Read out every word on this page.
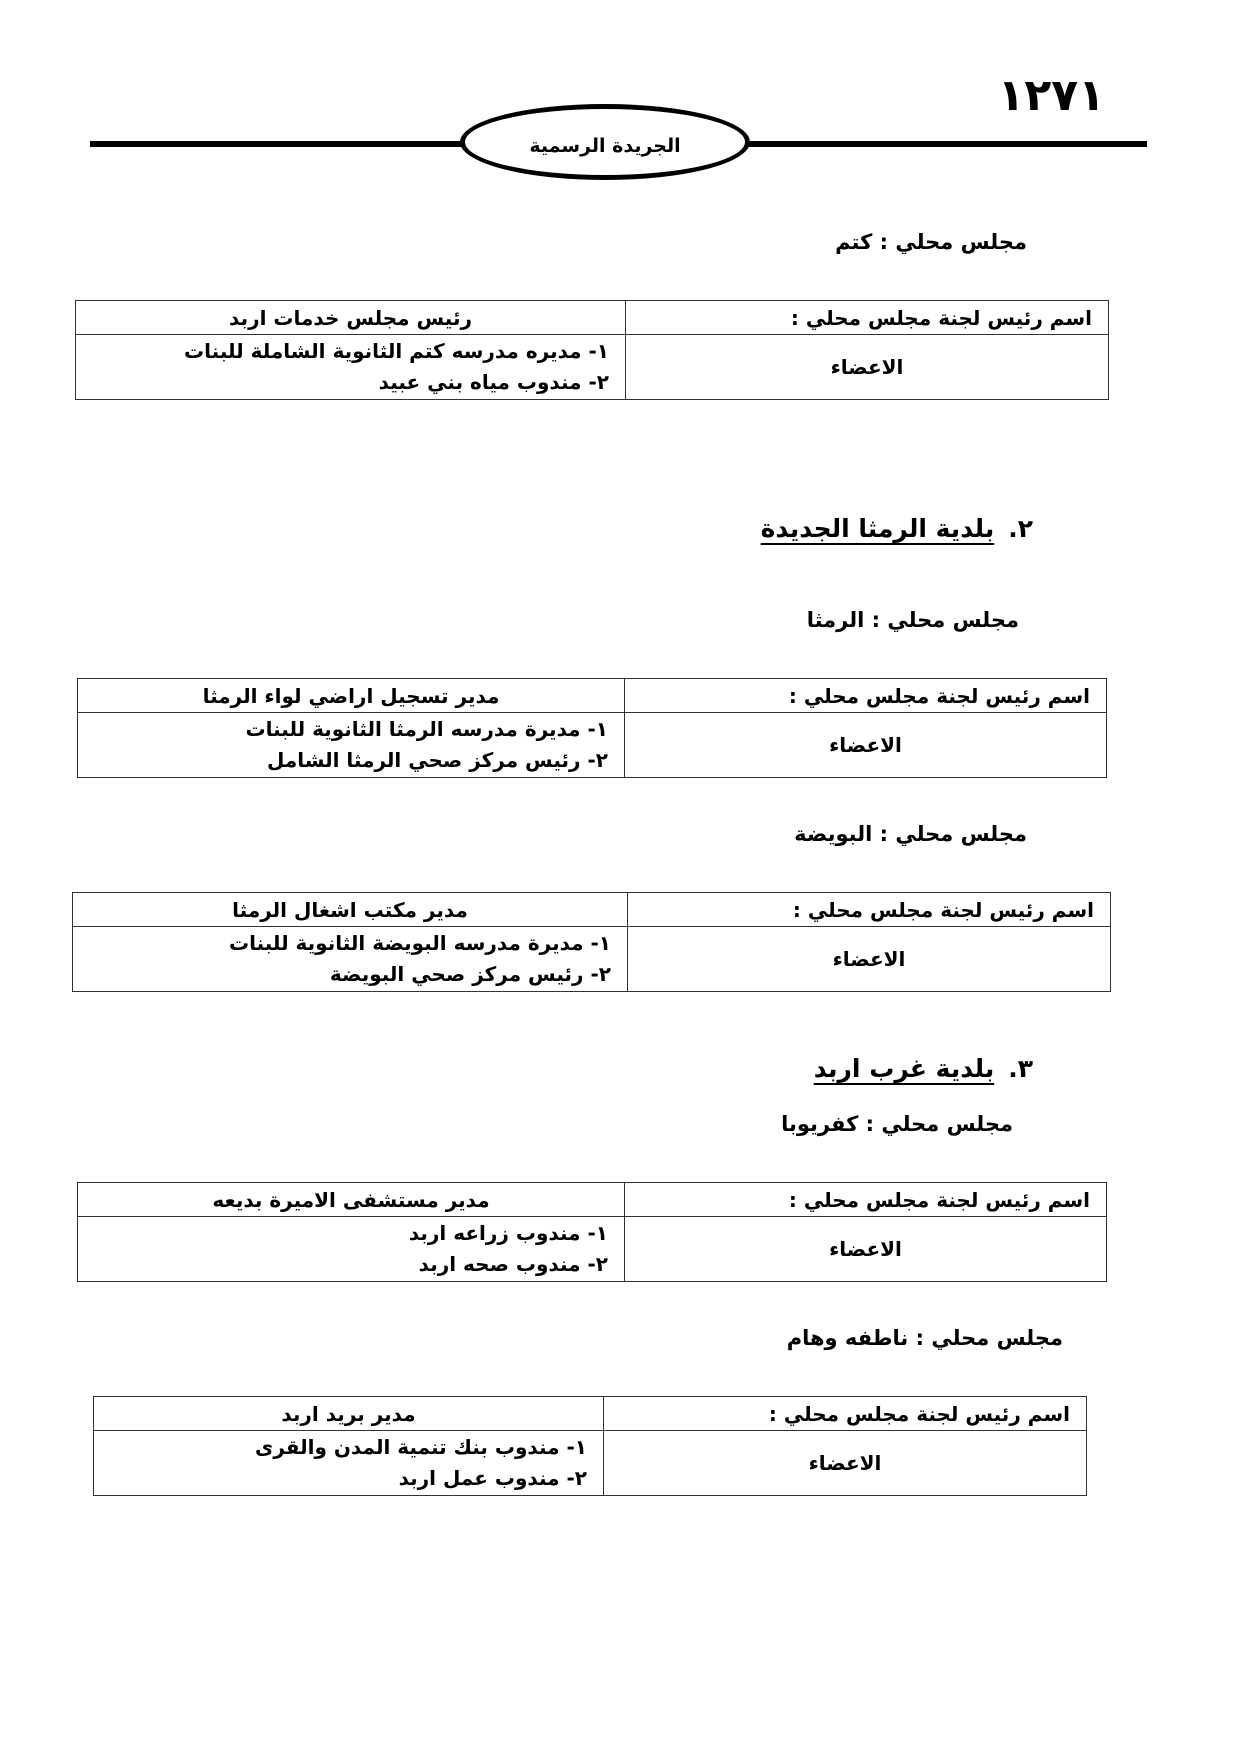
١٢٧١
الجريدة الرسمية
مجلس محلي : كتم
اسم رئيس لجنة مجلس محلي :	رئيس مجلس خدمات اربد
الاعضاء	١- مديره مدرسه كتم الثانوية الشاملة للبنات
٢- مندوب مياه بني عبيد
٢.بلدية الرمثا الجديدة
مجلس محلي : الرمثا
اسم رئيس لجنة مجلس محلي :	مدير تسجيل اراضي لواء الرمثا
الاعضاء	١- مديرة مدرسه الرمثا الثانوية للبنات
٢- رئيس مركز صحي الرمثا الشامل
مجلس محلي : البويضة
اسم رئيس لجنة مجلس محلي :	مدير مكتب اشغال الرمثا
الاعضاء	١- مديرة مدرسه البويضة الثانوية للبنات
٢- رئيس مركز صحي البويضة
٣.بلدية غرب اربد
مجلس محلي : كفريوبا
اسم رئيس لجنة مجلس محلي :	مدير مستشفى الاميرة بديعه
الاعضاء	١- مندوب زراعه اربد
٢- مندوب صحه اربد
مجلس محلي : ناطفه وهام
اسم رئيس لجنة مجلس محلي :	مدير بريد اربد
الاعضاء	١- مندوب بنك تنمية المدن والقرى
٢- مندوب عمل اربد
